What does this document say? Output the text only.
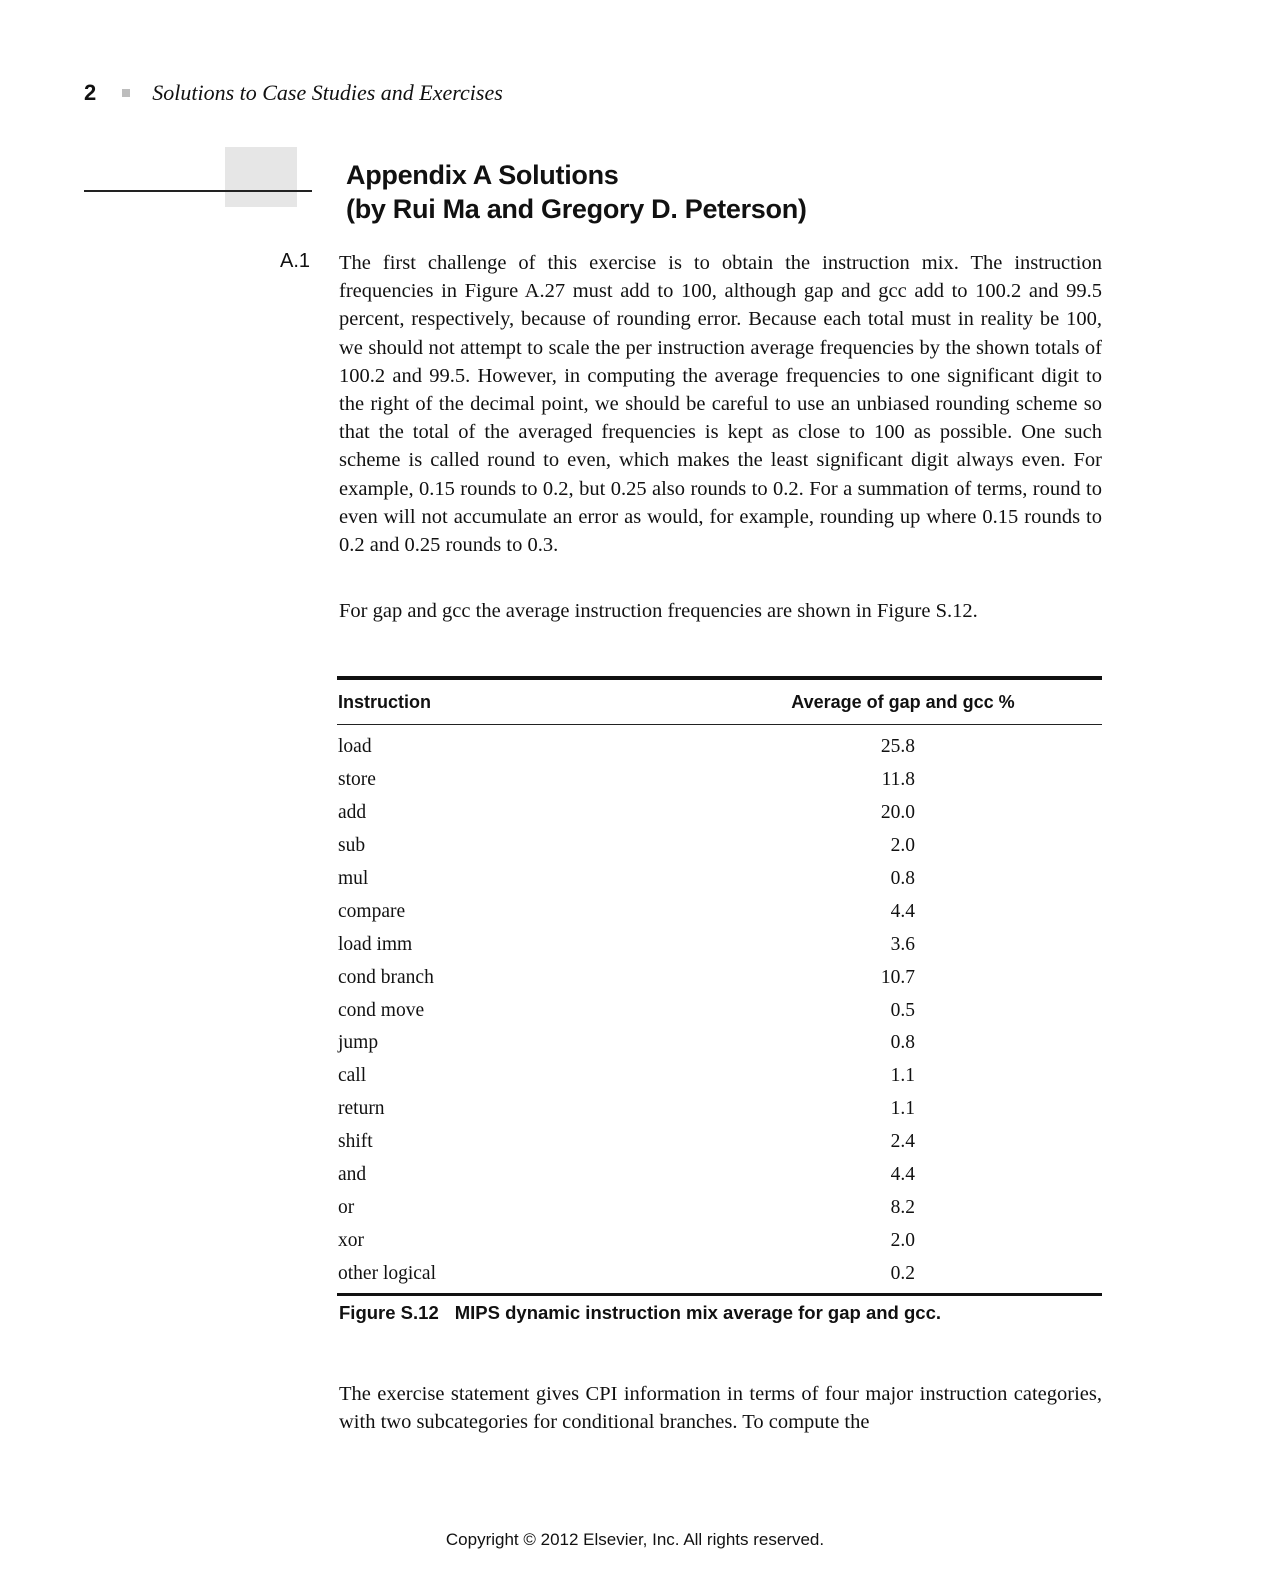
2	Solutions to Case Studies and Exercises
Appendix A Solutions
(by Rui Ma and Gregory D. Peterson)
A.1 The first challenge of this exercise is to obtain the instruction mix. The instruction frequencies in Figure A.27 must add to 100, although gap and gcc add to 100.2 and 99.5 percent, respectively, because of rounding error. Because each total must in reality be 100, we should not attempt to scale the per instruction average frequencies by the shown totals of 100.2 and 99.5. However, in computing the average frequencies to one significant digit to the right of the decimal point, we should be careful to use an unbiased rounding scheme so that the total of the averaged frequencies is kept as close to 100 as possible. One such scheme is called round to even, which makes the least significant digit always even. For example, 0.15 rounds to 0.2, but 0.25 also rounds to 0.2. For a summation of terms, round to even will not accumulate an error as would, for example, rounding up where 0.15 rounds to 0.2 and 0.25 rounds to 0.3.

For gap and gcc the average instruction frequencies are shown in Figure S.12.

Instruction	Average of gap and gcc %
load	25.8
store	11.8
add	20.0
sub	2.0
mul	0.8
compare	4.4
load imm	3.6
cond branch	10.7
cond move	0.5
jump	0.8
call	1.1
return	1.1
shift	2.4
and	4.4
or	8.2
xor	2.0
other logical	0.2
Figure S.12 MIPS dynamic instruction mix average for gap and gcc.

The exercise statement gives CPI information in terms of four major instruction categories, with two subcategories for conditional branches. To compute the

Copyright © 2012 Elsevier, Inc. All rights reserved.
